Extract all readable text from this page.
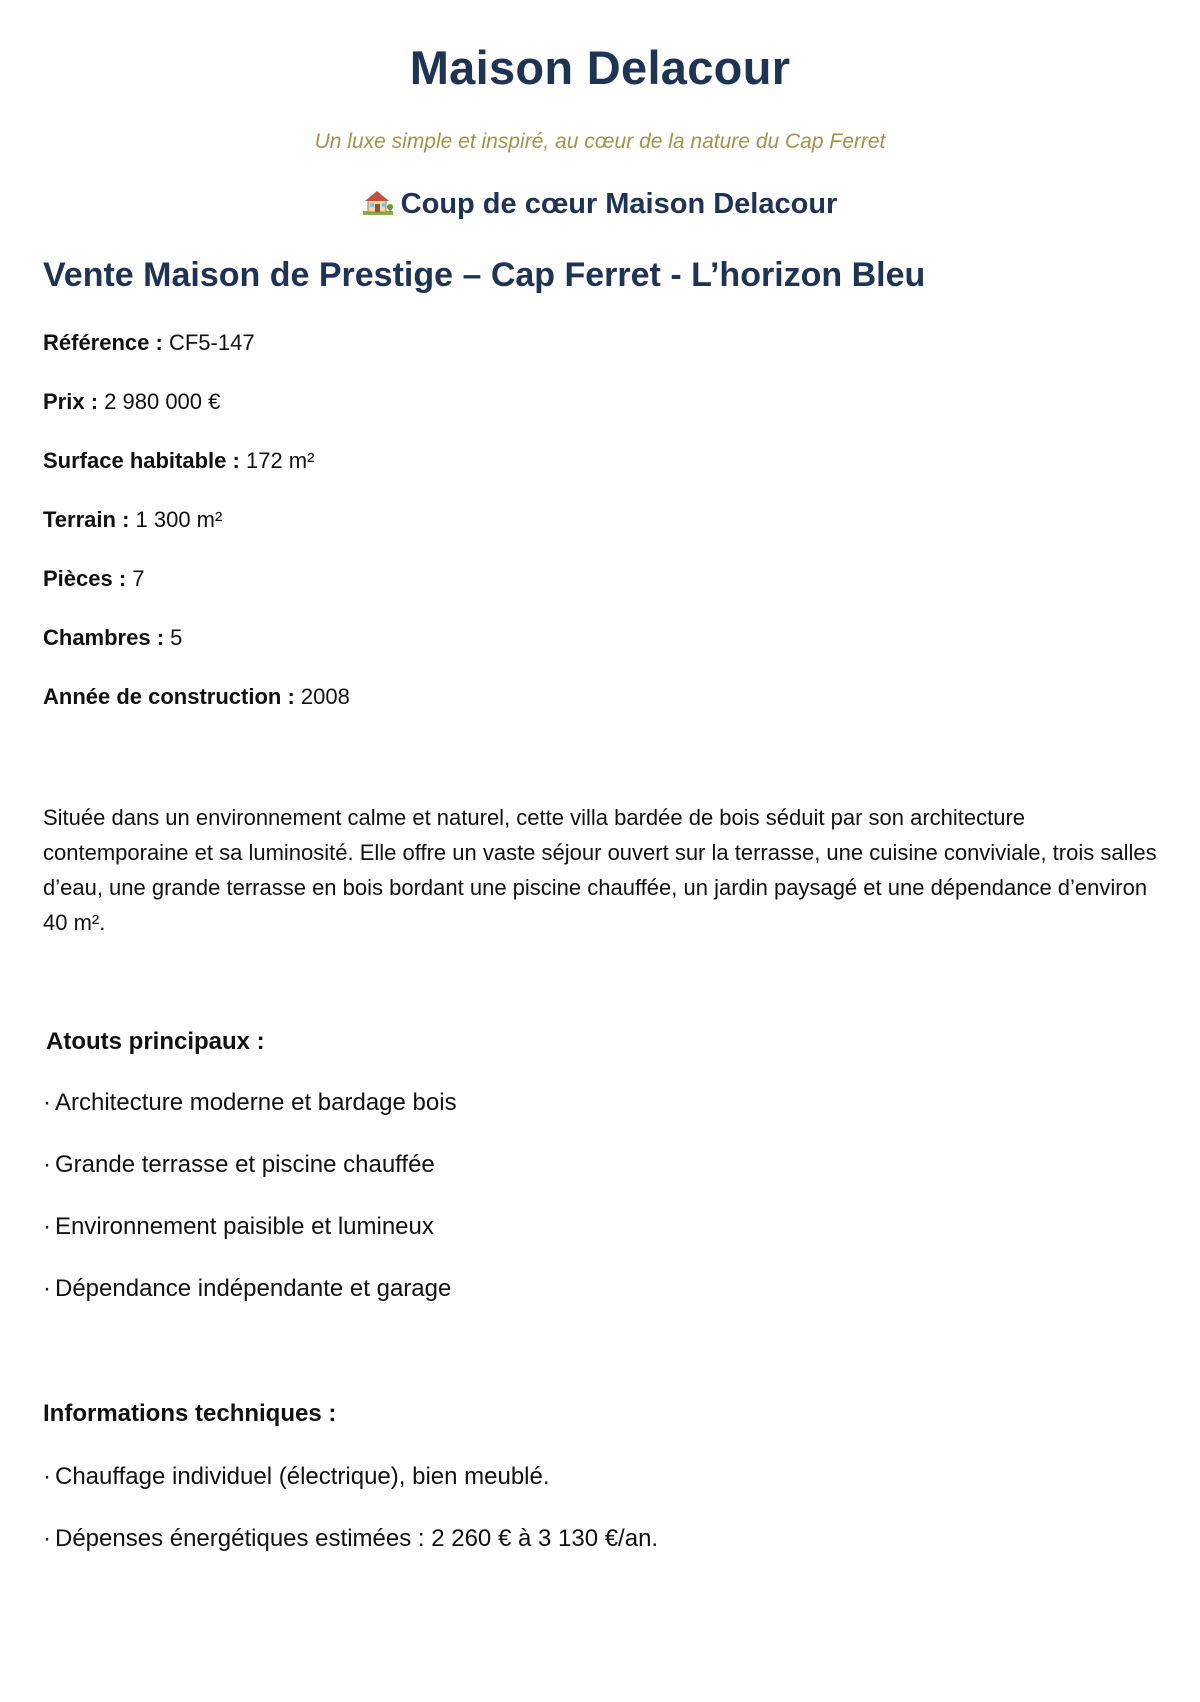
Maison Delacour

Un luxe simple et inspiré, au cœur de la nature du Cap Ferret

Coup de cœur Maison Delacour
Vente Maison de Prestige – Cap Ferret - L’horizon Bleu

Référence : CF5-147

Prix : 2 980 000 €

Surface habitable : 172 m²

Terrain : 1 300 m²

Pièces : 7

Chambres : 5

Année de construction : 2008

Située dans un environnement calme et naturel, cette villa bardée de bois séduit par son architecture contemporaine et sa luminosité. Elle offre un vaste séjour ouvert sur la terrasse, une cuisine conviviale, trois salles d’eau, une grande terrasse en bois bordant une piscine chauffée, un jardin paysagé et une dépendance d’environ 40 m².

Atouts principaux :

· Architecture moderne et bardage bois

· Grande terrasse et piscine chauffée

· Environnement paisible et lumineux

· Dépendance indépendante et garage

Informations techniques :

· Chauffage individuel (électrique), bien meublé.

· Dépenses énergétiques estimées : 2 260 € à 3 130 €/an.
